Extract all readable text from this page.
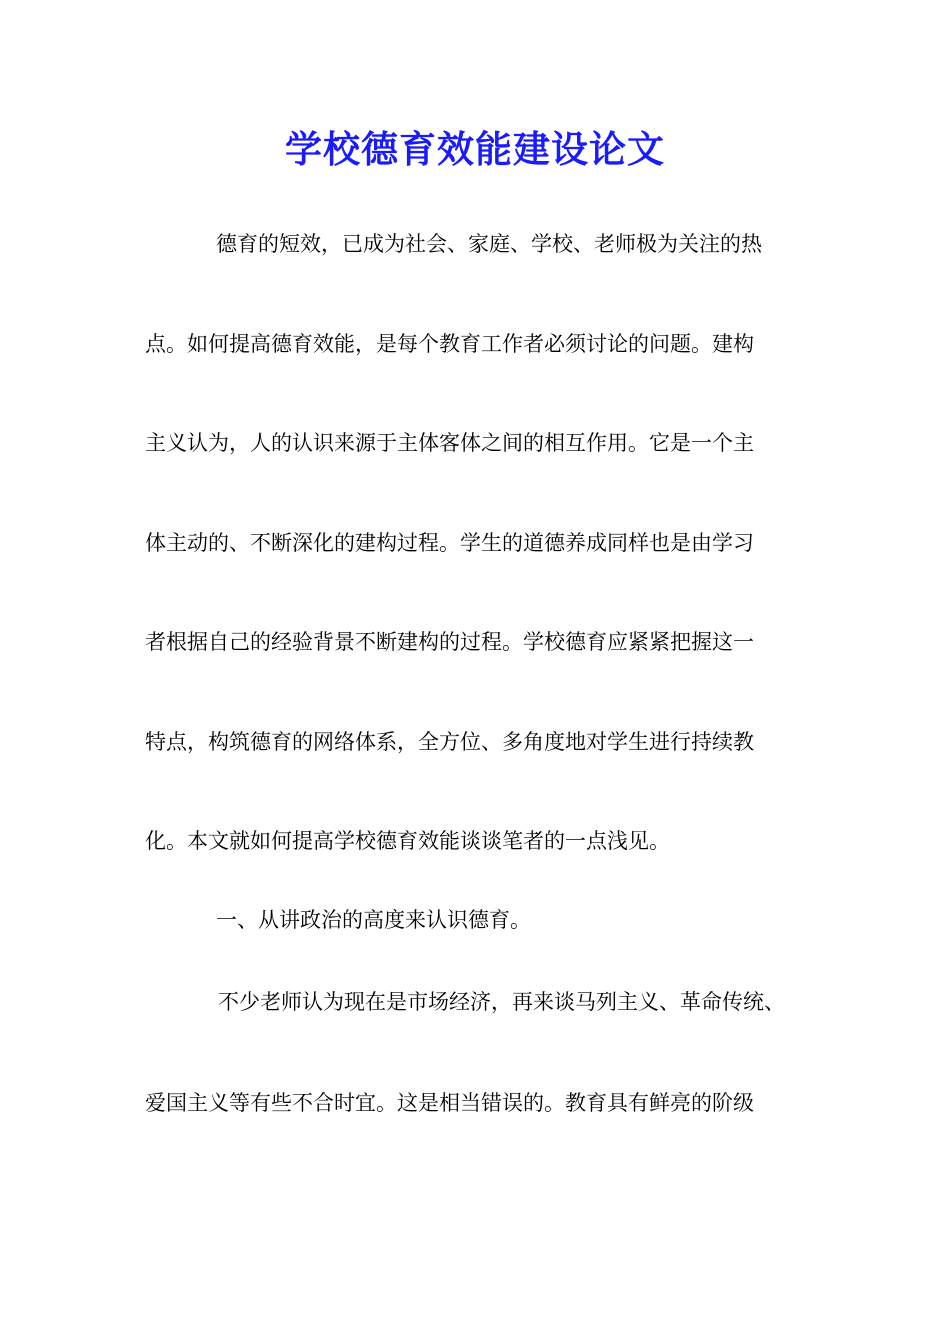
学校德育效能建设论文
德育的短效，已成为社会、家庭、学校、老师极为关注的热
点。如何提高德育效能，是每个教育工作者必须讨论的问题。建构
主义认为，人的认识来源于主体客体之间的相互作用。它是一个主
体主动的、不断深化的建构过程。学生的道德养成同样也是由学习
者根据自己的经验背景不断建构的过程。学校德育应紧紧把握这一
特点，构筑德育的网络体系，全方位、多角度地对学生进行持续教
化。本文就如何提高学校德育效能谈谈笔者的一点浅见。
一、从讲政治的高度来认识德育。
不少老师认为现在是市场经济，再来谈马列主义、革命传统、
爱国主义等有些不合时宜。这是相当错误的。教育具有鲜亮的阶级
